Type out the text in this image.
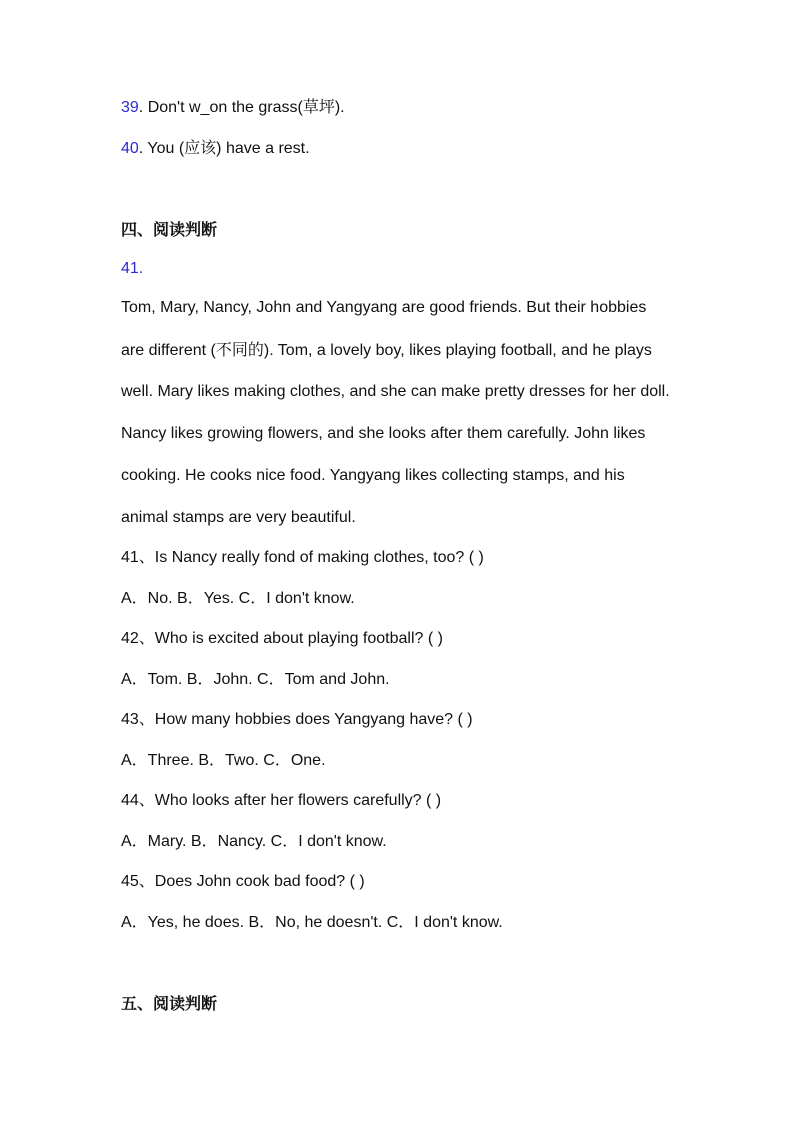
39. Don't w_on the grass(草坪).
40. You (应该) have a rest.
四、阅读判断
41.
Tom, Mary, Nancy, John and Yangyang are good friends. But their hobbies
are different (不同的). Tom, a lovely boy, likes playing football, and he plays
well. Mary likes making clothes, and she can make pretty dresses for her doll.
Nancy likes growing flowers, and she looks after them carefully. John likes
cooking. He cooks nice food. Yangyang likes collecting stamps, and his
animal stamps are very beautiful.
41、Is Nancy really fond of making clothes, too? ( )
A．No. B．Yes. C．I don't know.
42、Who is excited about playing football? ( )
A．Tom. B．John. C．Tom and John.
43、How many hobbies does Yangyang have? ( )
A．Three. B．Two. C．One.
44、Who looks after her flowers carefully? ( )
A．Mary. B．Nancy. C．I don't know.
45、Does John cook bad food? ( )
A．Yes, he does. B．No, he doesn't. C．I don't know.
五、阅读判断
